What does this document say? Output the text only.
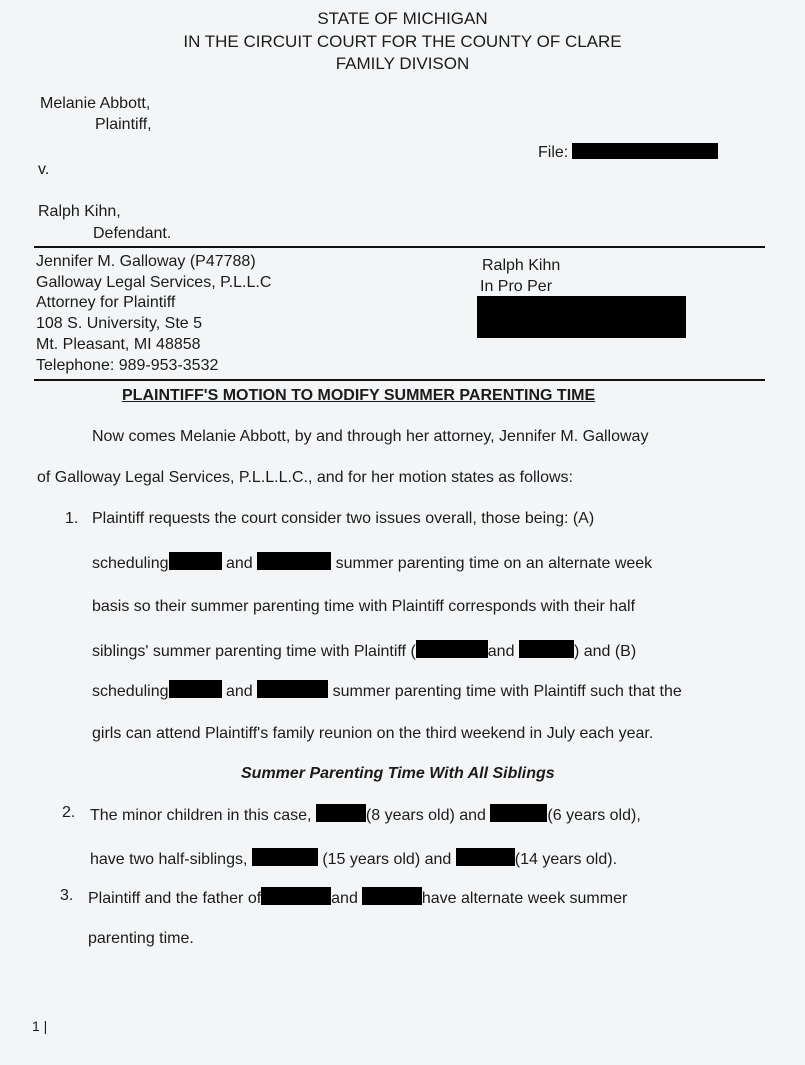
STATE OF MICHIGAN
IN THE CIRCUIT COURT FOR THE COUNTY OF CLARE
FAMILY DIVISON
Melanie Abbott,
Plaintiff,
File:
v.
Ralph Kihn,
Defendant.
Jennifer M. Galloway (P47788)
Galloway Legal Services, P.L.L.C
Attorney for Plaintiff
108 S. University, Ste 5
Mt. Pleasant, MI 48858
Telephone: 989-953-3532
Ralph Kihn
In Pro Per
PLAINTIFF'S MOTION TO MODIFY SUMMER PARENTING TIME
Now comes Melanie Abbott, by and through her attorney, Jennifer M. Galloway
of Galloway Legal Services, P.L.L.L.C., and for her motion states as follows:
1. Plaintiff requests the court consider two issues overall, those being: (A)
scheduling	and	summer parenting time on an alternate week
basis so their summer parenting time with Plaintiff corresponds with their half
siblings' summer parenting time with Plaintiff (	and	) and (B)
scheduling	and	summer parenting time with Plaintiff such that the
girls can attend Plaintiff's family reunion on the third weekend in July each year.
Summer Parenting Time With All Siblings
2. The minor children in this case,	(8 years old) and	(6 years old),
have two half-siblings,	(15 years old) and	(14 years old).
3. Plaintiff and the father of	and	have alternate week summer
parenting time.
1 |
